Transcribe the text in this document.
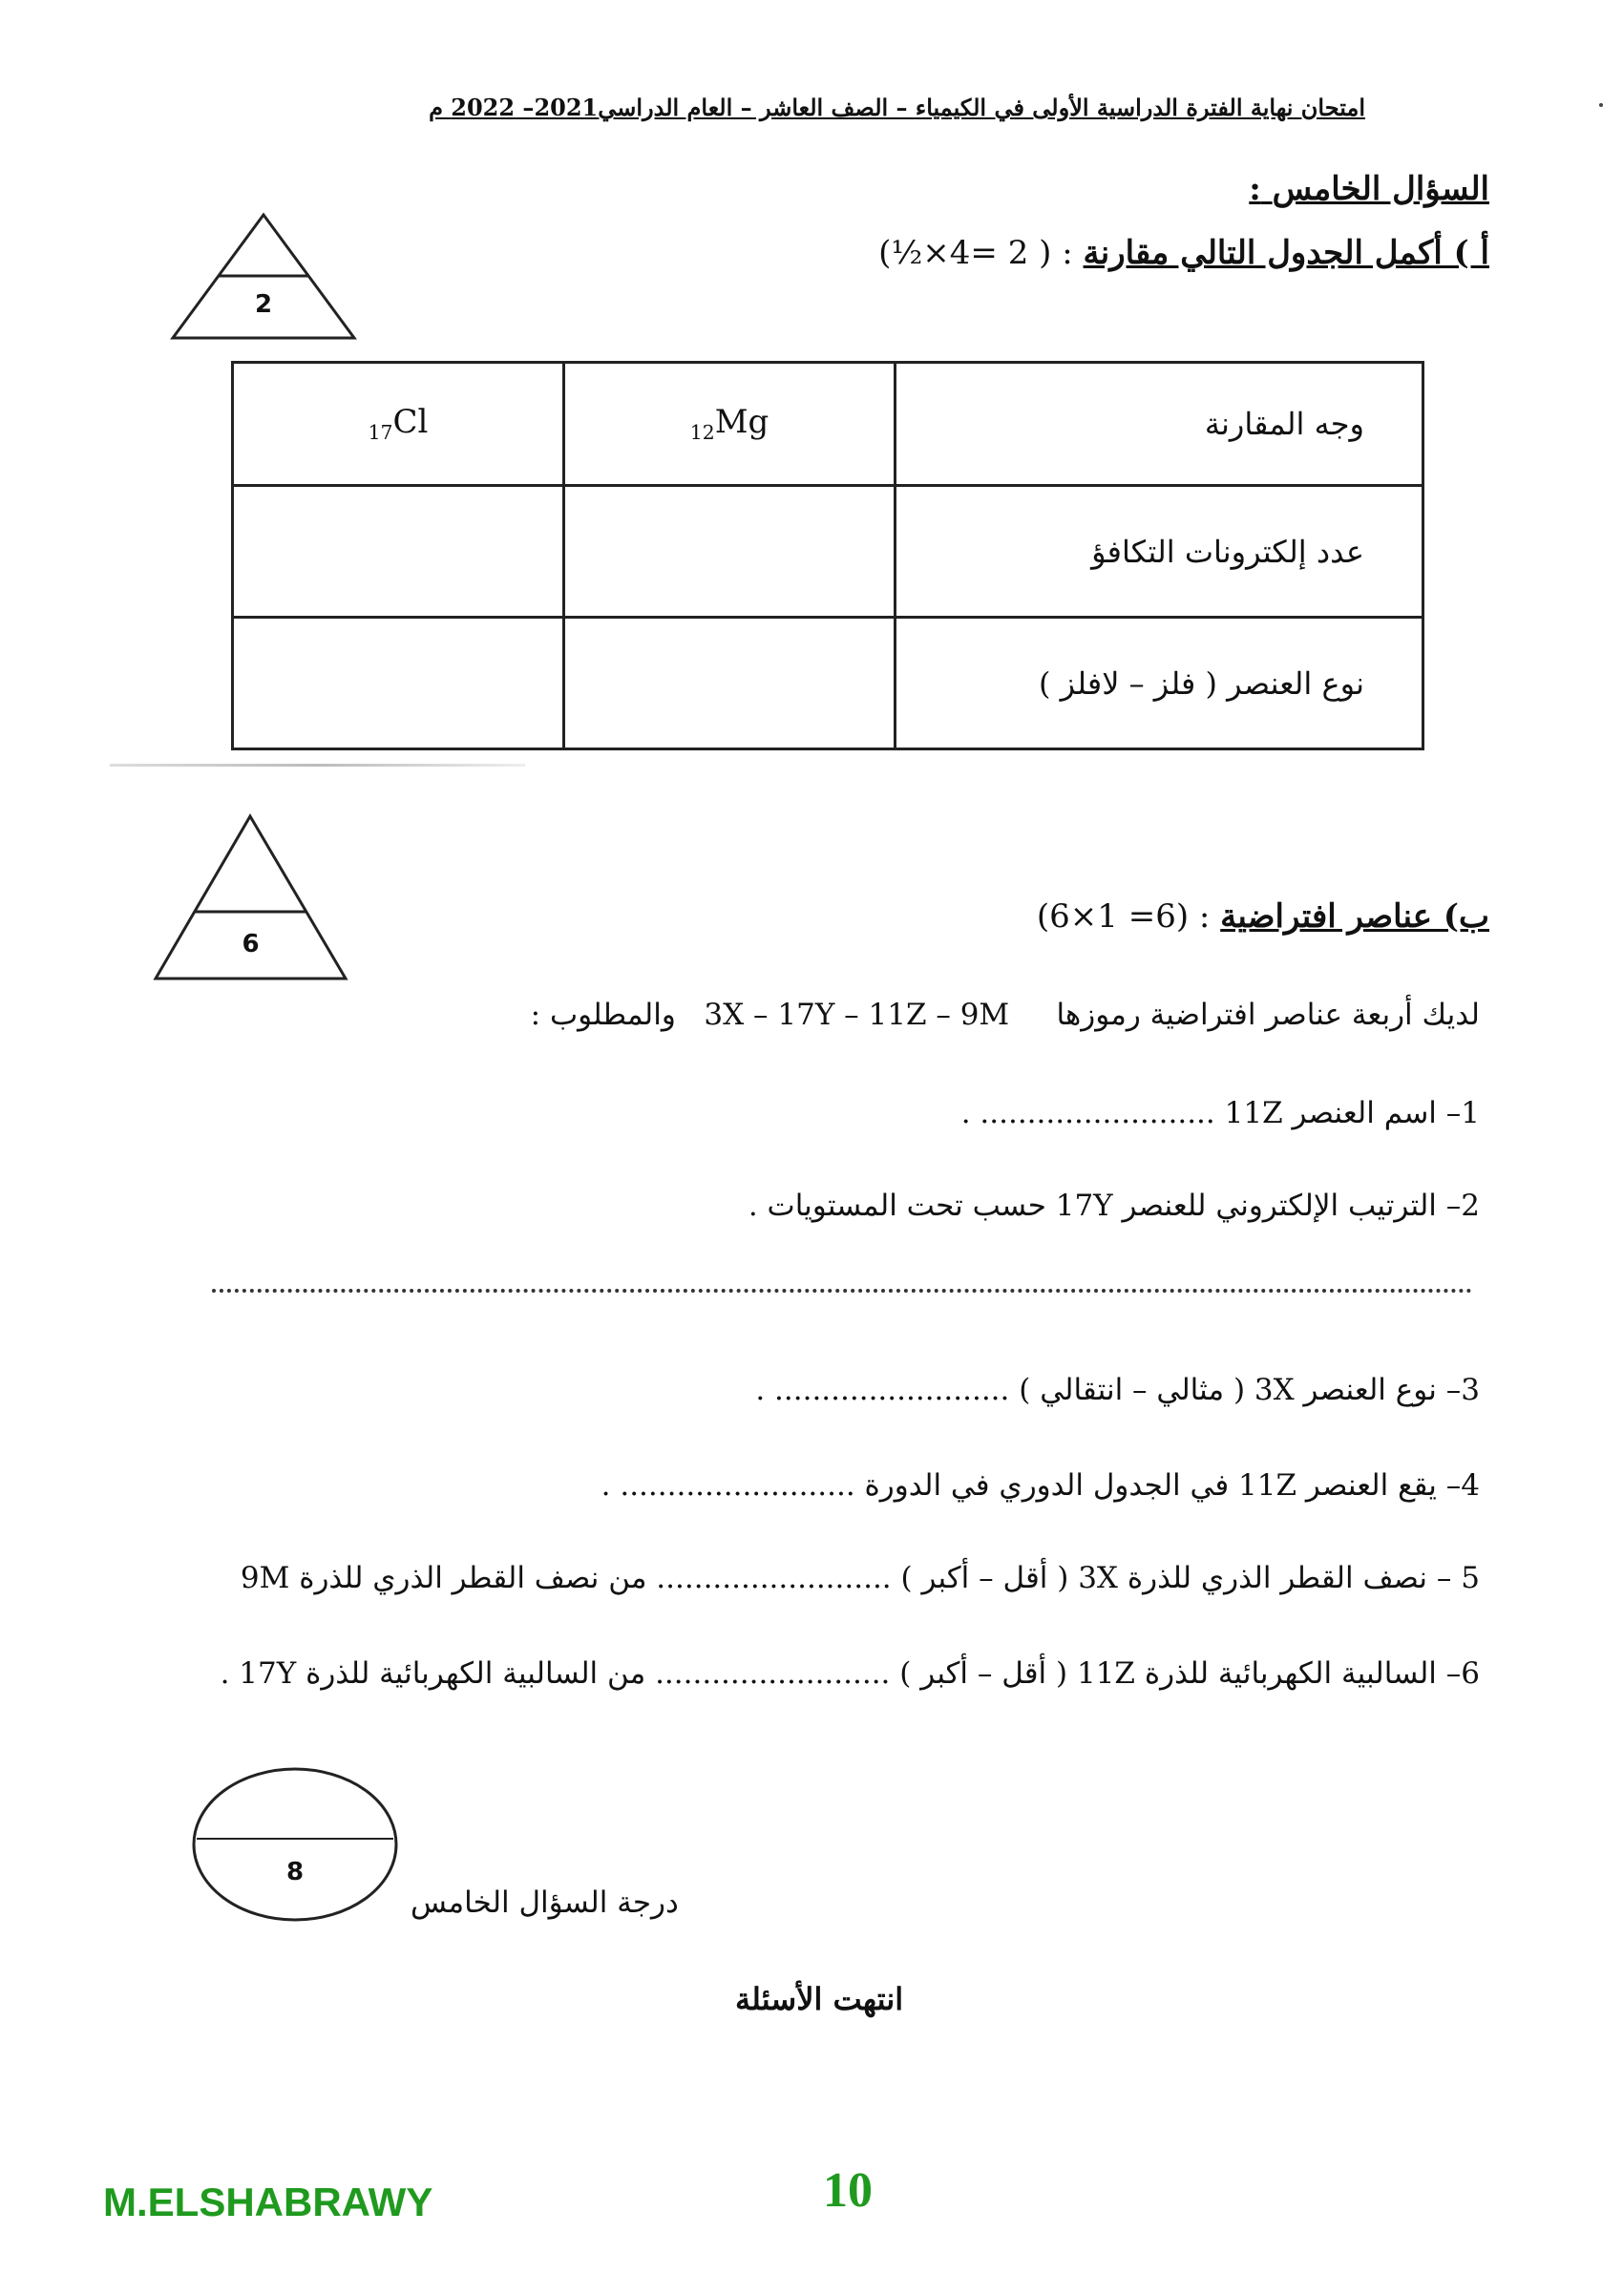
امتحان نهاية الفترة الدراسية الأولى في الكيمياء – الصف العاشر – العام الدراسي2021– 2022 م
السؤال الخامس :
أ ) أكمل الجدول التالي مقارنة : ( 2 =4×½)
2
وجه المقارنة	$_{12}$Mg	$_{17}$Cl
عدد إلكترونات التكافؤ		
نوع العنصر ( فلز – لافلز )		
6
ب) عناصر افتراضية : (6= 1×6)
لديك أربعة عناصر افتراضية رموزها     3X – 17Y – 11Z – 9M   والمطلوب :
1– اسم العنصر 11Z ......................... .
2– الترتيب الإلكتروني للعنصر 17Y حسب تحت المستويات .
3– نوع العنصر 3X ( مثالي – انتقالي ) ......................... .
4– يقع العنصر 11Z في الجدول الدوري في الدورة ......................... .
5 – نصف القطر الذري للذرة 3X ( أقل – أكبر ) ......................... من نصف القطر الذري للذرة 9M
6– السالبية الكهربائية للذرة 11Z ( أقل – أكبر ) ......................... من السالبية الكهربائية للذرة 17Y .
8
درجة السؤال الخامس
انتهت الأسئلة
M.ELSHABRAWY	10
